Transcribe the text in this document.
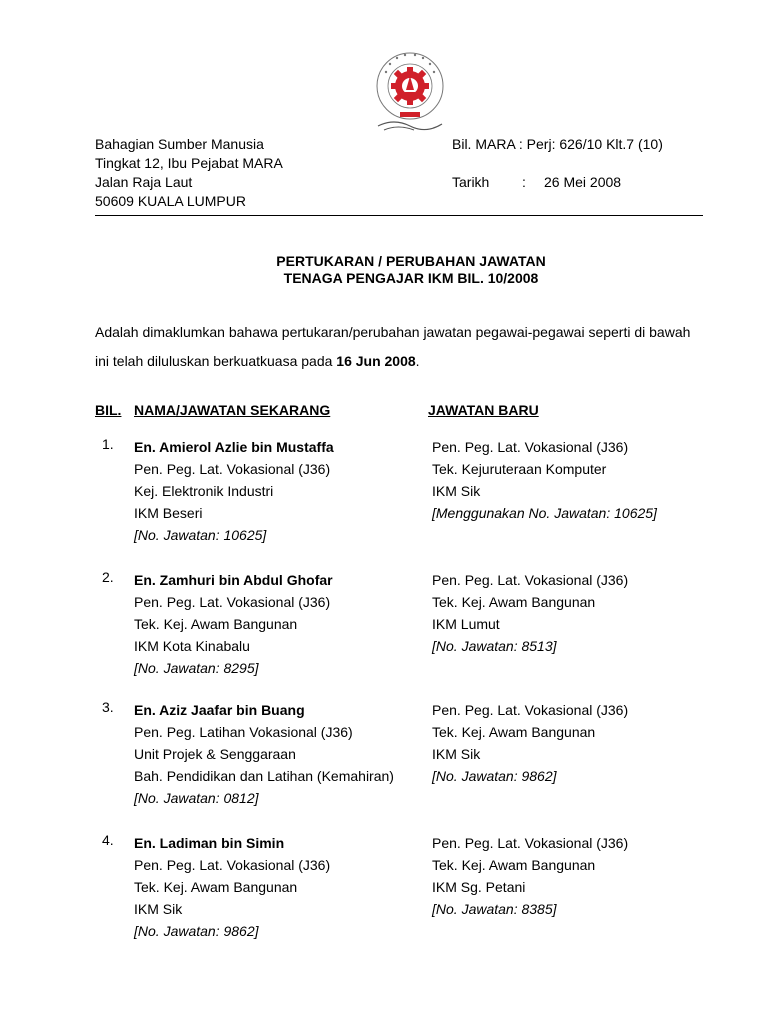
Bahagian Sumber Manusia
Tingkat 12, Ibu Pejabat MARA
Jalan Raja Laut
50609 KUALA LUMPUR
Bil. MARA : Perj: 626/10 Klt.7 (10)
Tarikh : 26 Mei 2008
PERTUKARAN / PERUBAHAN JAWATAN
TENAGA PENGAJAR IKM BIL. 10/2008
Adalah dimaklumkan bahawa pertukaran/perubahan jawatan pegawai-pegawai seperti di bawah
ini telah diluluskan berkuatkuasa pada 16 Jun 2008.
BIL. NAMA/JAWATAN SEKARANG	JAWATAN BARU
1. En. Amierol Azlie bin Mustaffa
Pen. Peg. Lat. Vokasional (J36)
Kej. Elektronik Industri
IKM Beseri
[No. Jawatan: 10625]
Pen. Peg. Lat. Vokasional (J36)
Tek. Kejuruteraan Komputer
IKM Sik
[Menggunakan No. Jawatan: 10625]
2. En. Zamhuri bin Abdul Ghofar
Pen. Peg. Lat. Vokasional (J36)
Tek. Kej. Awam Bangunan
IKM Kota Kinabalu
[No. Jawatan: 8295]
Pen. Peg. Lat. Vokasional (J36)
Tek. Kej. Awam Bangunan
IKM Lumut
[No. Jawatan: 8513]
3. En. Aziz Jaafar bin Buang
Pen. Peg. Latihan Vokasional (J36)
Unit Projek & Senggaraan
Bah. Pendidikan dan Latihan (Kemahiran)
[No. Jawatan: 0812]
Pen. Peg. Lat. Vokasional (J36)
Tek. Kej. Awam Bangunan
IKM Sik
[No. Jawatan: 9862]
4. En. Ladiman bin Simin
Pen. Peg. Lat. Vokasional (J36)
Tek. Kej. Awam Bangunan
IKM Sik
[No. Jawatan: 9862]
Pen. Peg. Lat. Vokasional (J36)
Tek. Kej. Awam Bangunan
IKM Sg. Petani
[No. Jawatan: 8385]
